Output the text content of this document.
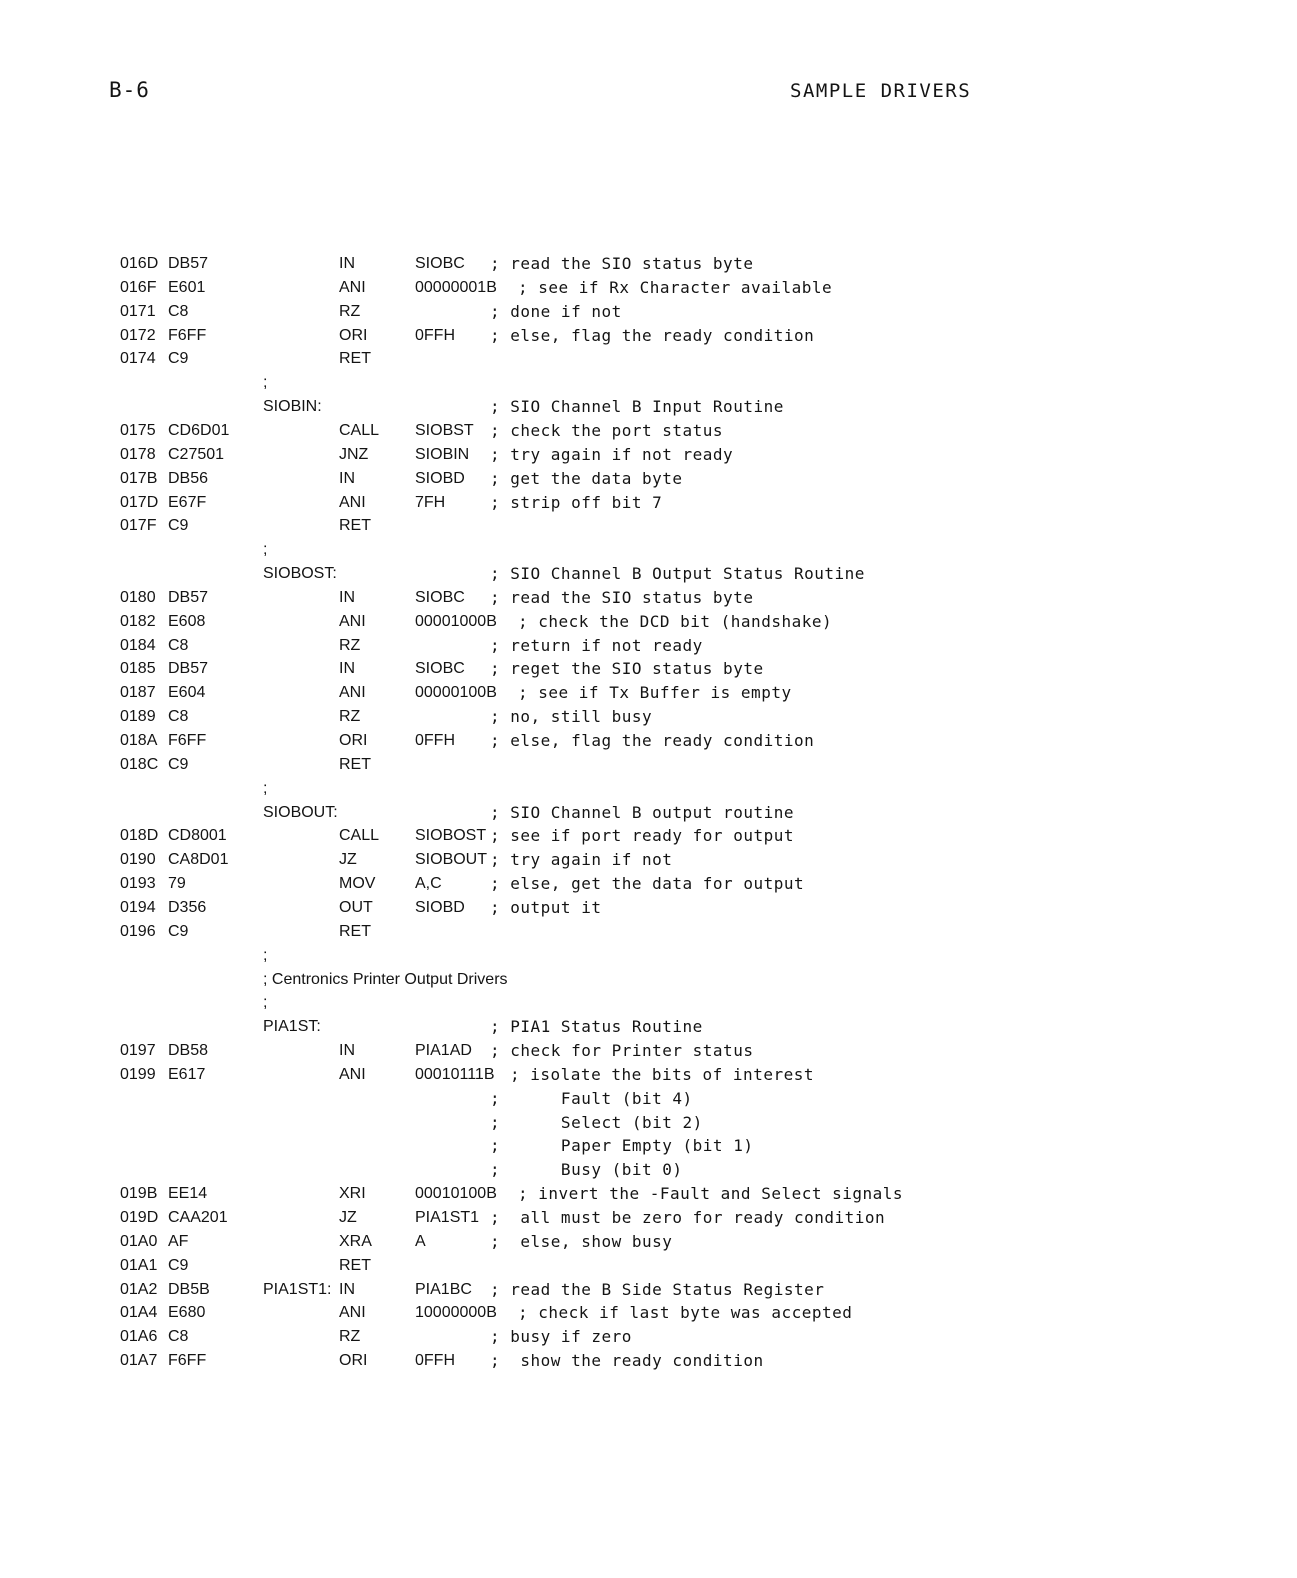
B-6	SAMPLE DRIVERS
016D DB57	IN	SIOBC ; read the SIO status byte
016F E601	ANI	00000001B ; see if Rx Character available
0171 C8	RZ	; done if not
0172 F6FF	ORI	0FFH ; else, flag the ready condition
0174 C9	RET
;
SIOBIN:	; SIO Channel B Input Routine
0175 CD6D01	CALL SIOBST ; check the port status
0178 C27501	JNZ	SIOBIN ; try again if not ready
017B DB56	IN	SIOBD ; get the data byte
017D E67F	ANI	7FH	; strip off bit 7
017F C9	RET
;
SIOBOST:	; SIO Channel B Output Status Routine
0180 DB57	IN	SIOBC ; read the SIO status byte
0182 E608	ANI	00001000B ; check the DCD bit (handshake)
0184 C8	RZ	; return if not ready
0185 DB57	IN	SIOBC ; reget the SIO status byte
0187 E604	ANI	00000100B ; see if Tx Buffer is empty
0189 C8	RZ	; no, still busy
018A F6FF	ORI	0FFH ; else, flag the ready condition
018C C9	RET
;
SIOBOUT:	; SIO Channel B output routine
018D CD8001	CALL SIOBOST ; see if port ready for output
0190 CA8D01	JZ	SIOBOUT ; try again if not
0193 79	MOV A,C	; else, get the data for output
0194 D356	OUT	SIOBD ; output it
0196 C9	RET
;
; Centronics Printer Output Drivers
;
PIA1ST:	; PIA1 Status Routine
0197 DB58	IN	PIA1AD ; check for Printer status
0199 E617	ANI	00010111B ; isolate the bits of interest
;      Fault (bit 4)
;      Select (bit 2)
;      Paper Empty (bit 1)
;      Busy (bit 0)
019B EE14	XRI	00010100B ; invert the -Fault and Select signals
019D CAA201	JZ	PIA1ST1 ;  all must be zero for ready condition
01A0 AF	XRA	A	;  else, show busy
01A1 C9	RET
01A2 DB5B	PIA1ST1: IN	PIA1BC ; read the B Side Status Register
01A4 E680	ANI	10000000B ; check if last byte was accepted
01A6 C8	RZ	; busy if zero
01A7 F6FF	ORI	0FFH ;  show the ready condition
